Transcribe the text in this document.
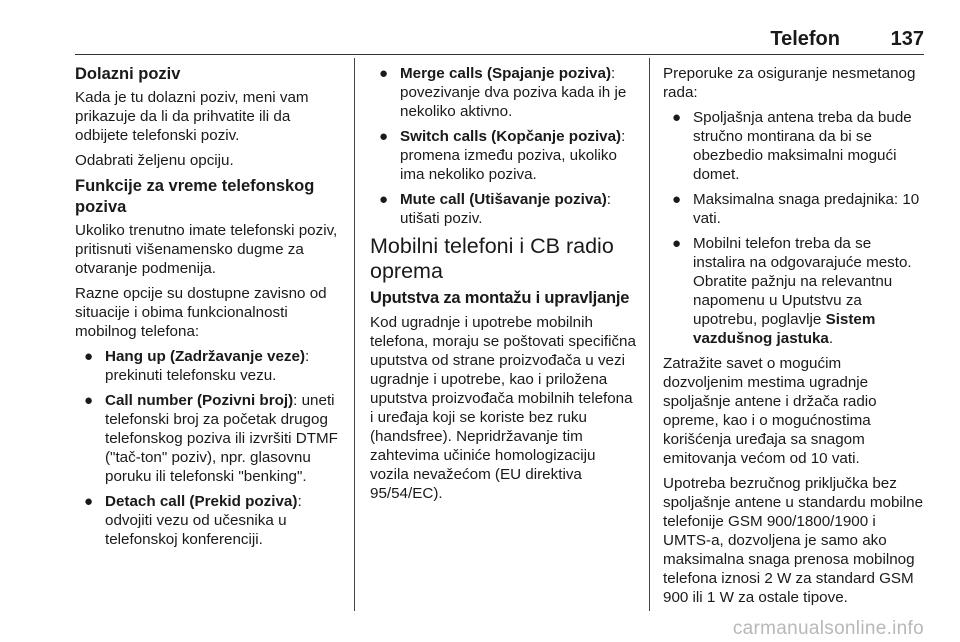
Telefon	137
Dolazni poziv

Kada je tu dolazni poziv, meni vam prikazuje da li da prihvatite ili da odbijete telefonski poziv.

Odabrati željenu opciju.

Funkcije za vreme telefonskog poziva

Ukoliko trenutno imate telefonski poziv, pritisnuti višenamensko dugme za otvaranje podmenija.

Razne opcije su dostupne zavisno od situacije i obima funkcionalnosti mobilnog telefona:

● Hang up (Zadržavanje veze): prekinuti telefonsku vezu.
● Call number (Pozivni broj): uneti telefonski broj za početak drugog telefonskog poziva ili izvršiti DTMF ("tač-ton" poziv), npr. glasovnu poruku ili telefonski "benking".
● Detach call (Prekid poziva): odvojiti vezu od učesnika u telefonskoj konferenciji.
● Merge calls (Spajanje poziva): povezivanje dva poziva kada ih je nekoliko aktivno.
● Switch calls (Kopčanje poziva): promena između poziva, ukoliko ima nekoliko poziva.
● Mute call (Utišavanje poziva): utišati poziv.
Mobilni telefoni i CB radio oprema
Uputstva za montažu i upravljanje

Kod ugradnje i upotrebe mobilnih telefona, moraju se poštovati specifična uputstva od strane proizvođača u vezi ugradnje i upotrebe, kao i priložena uputstva proizvođača mobilnih telefona i uređaja koji se koriste bez ruku (handsfree). Nepridržavanje tim zahtevima učiniće homologizaciju vozila nevažećom (EU direktiva 95/54/EC).

Preporuke za osiguranje nesmetanog rada:

● Spoljašnja antena treba da bude stručno montirana da bi se obezbedio maksimalni mogući domet.
● Maksimalna snaga predajnika: 10 vati.
● Mobilni telefon treba da se instalira na odgovarajuće mesto. Obratite pažnju na relevantnu napomenu u Uputstvu za upotrebu, poglavlje Sistem vazdušnog jastuka.

Zatražite savet o mogućim dozvoljenim mestima ugradnje spoljašnje antene i držača radio opreme, kao i o mogućnostima korišćenja uređaja sa snagom emitovanja većom od 10 vati.

Upotreba bezručnog priključka bez spoljašnje antene u standardu mobilne telefonije GSM 900/1800/1900 i UMTS-a, dozvoljena je samo ako maksimalna snaga prenosa mobilnog telefona iznosi 2 W za standard GSM 900 ili 1 W za ostale tipove.

carmanualsonline.info
